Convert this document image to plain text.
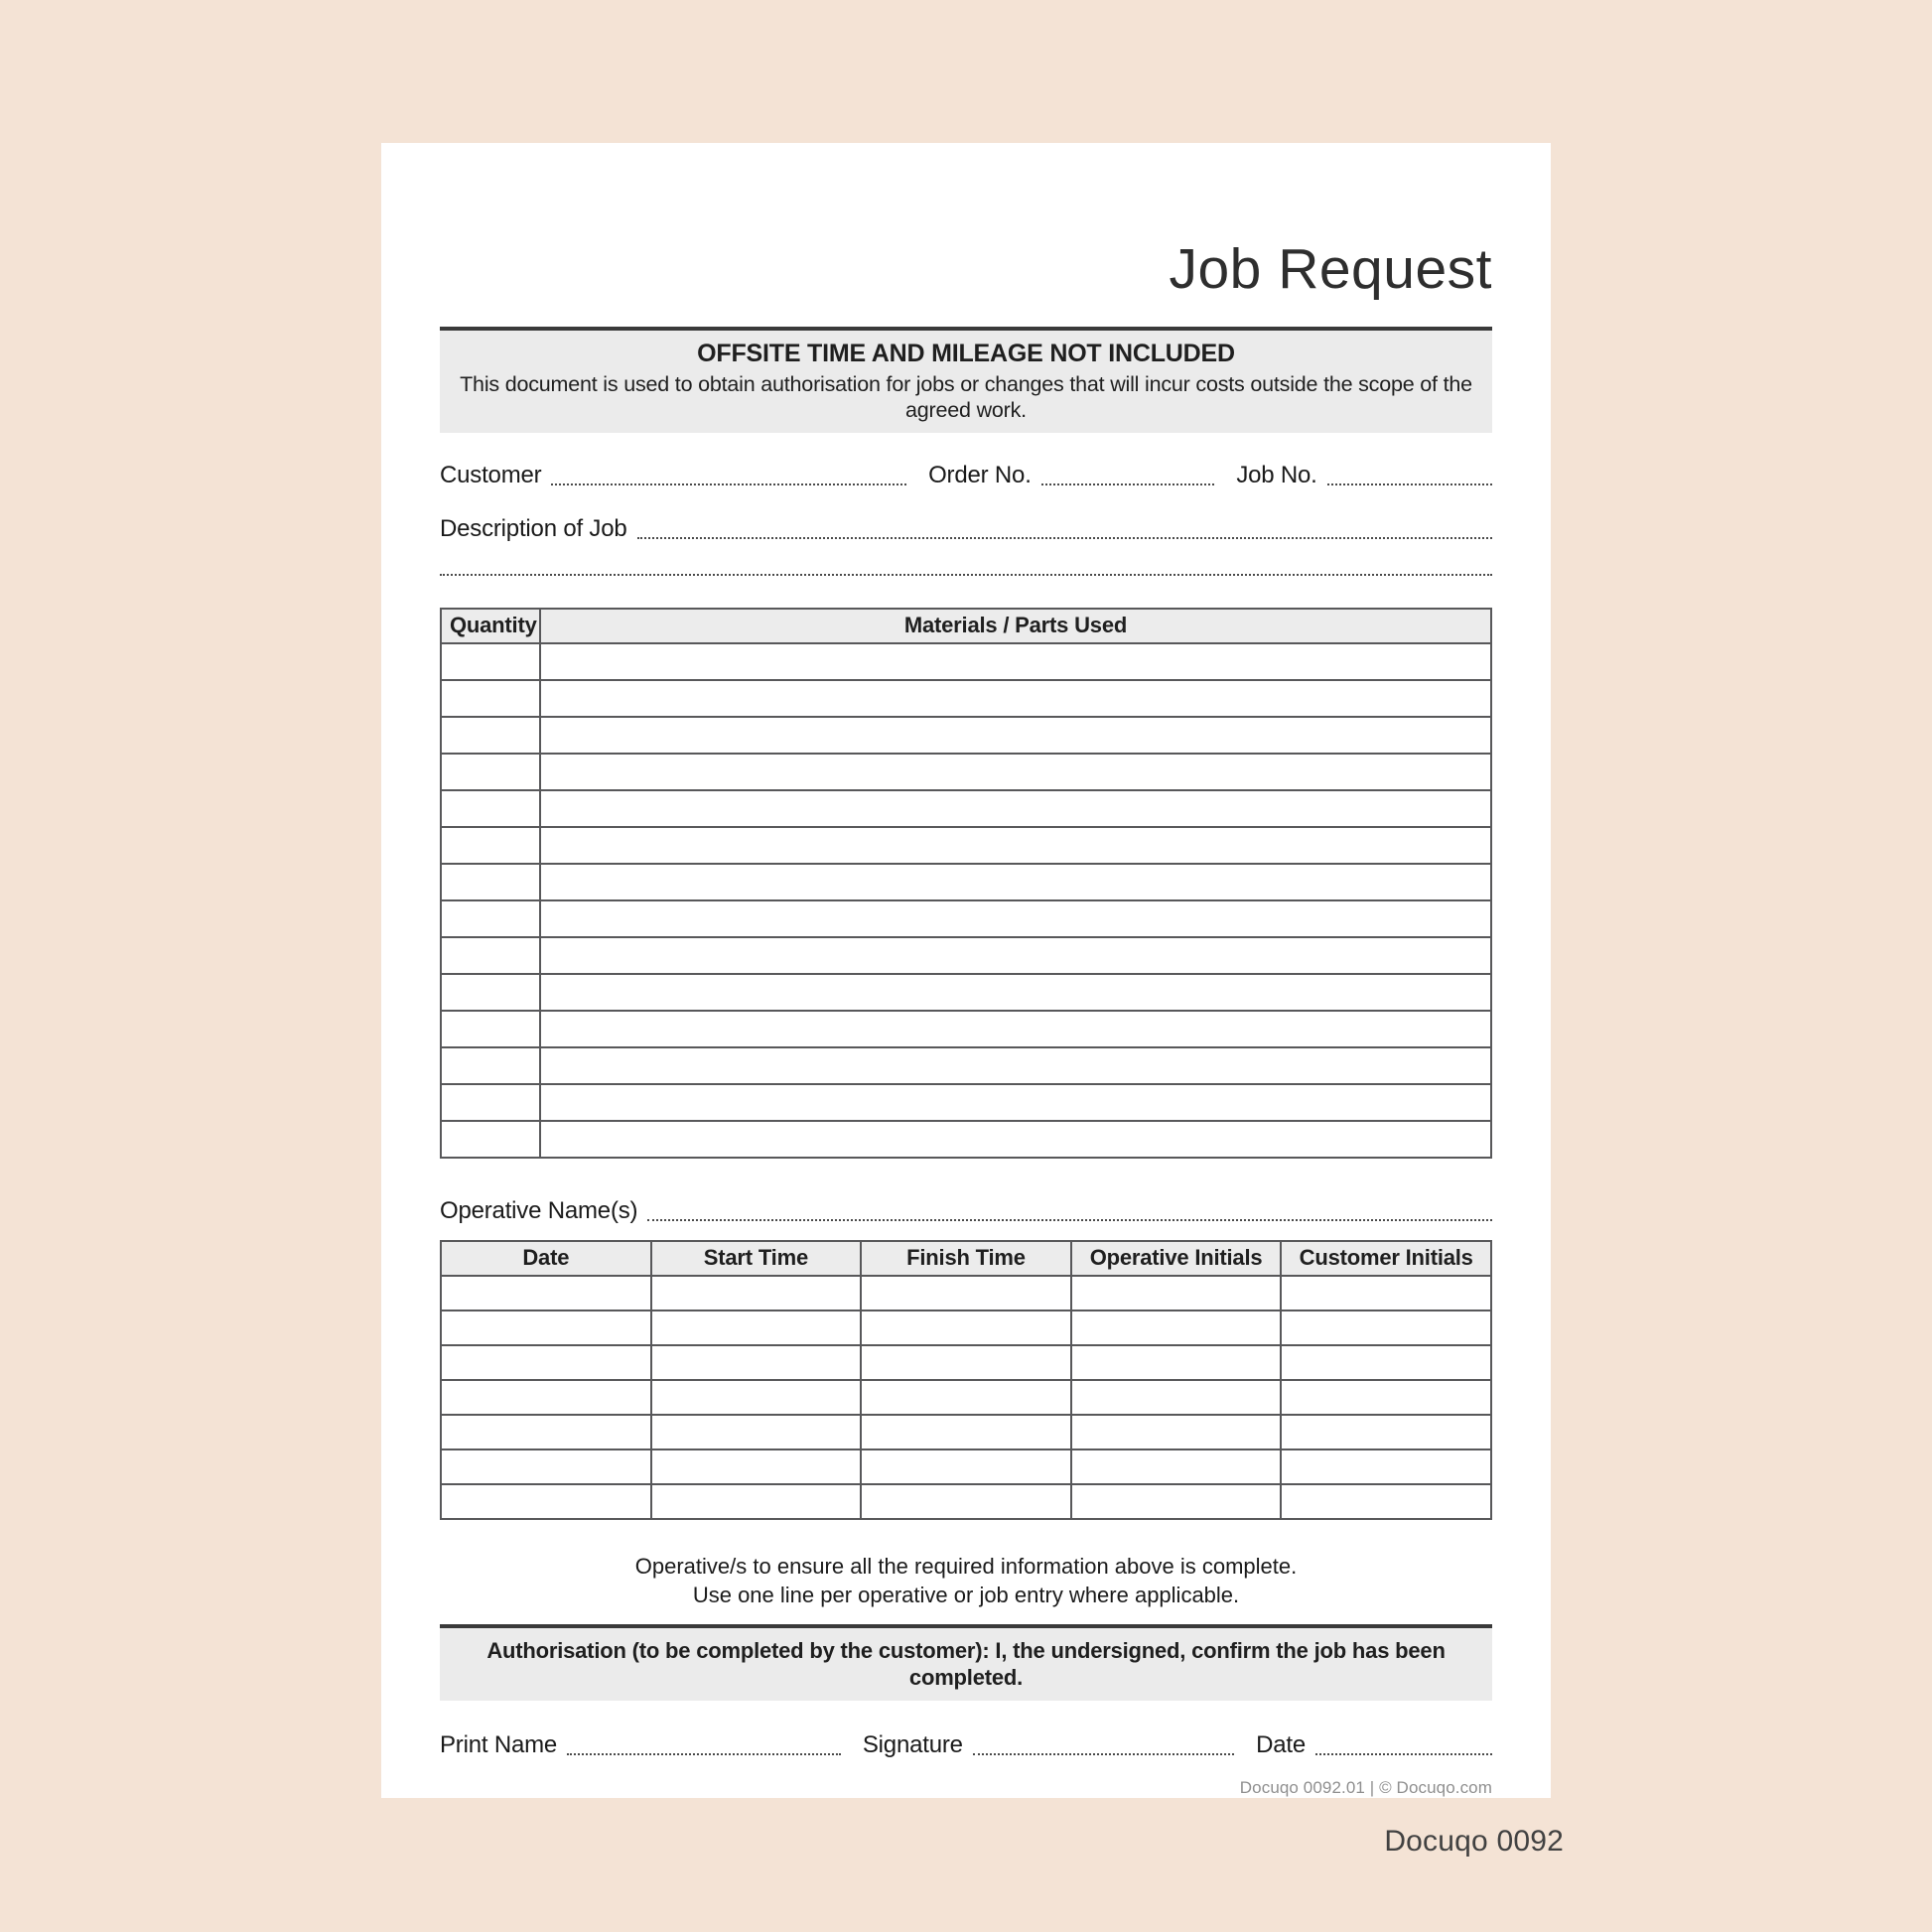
Job Request
OFFSITE TIME AND MILEAGE NOT INCLUDED
This document is used to obtain authorisation for jobs or changes that will incur costs outside the scope of the agreed work.
Customer	Order No.	Job No.
Description of Job
Quantity	Materials / Parts Used

Operative Name(s)
Date	Start Time	Finish Time	Operative Initials	Customer Initials

Operative/s to ensure all the required information above is complete.
Use one line per operative or job entry where applicable.
Authorisation (to be completed by the customer): I, the undersigned, confirm the job has been completed.
Print Name	Signature	Date
Docuqo 0092.01 | © Docuqo.com
Docuqo 0092
